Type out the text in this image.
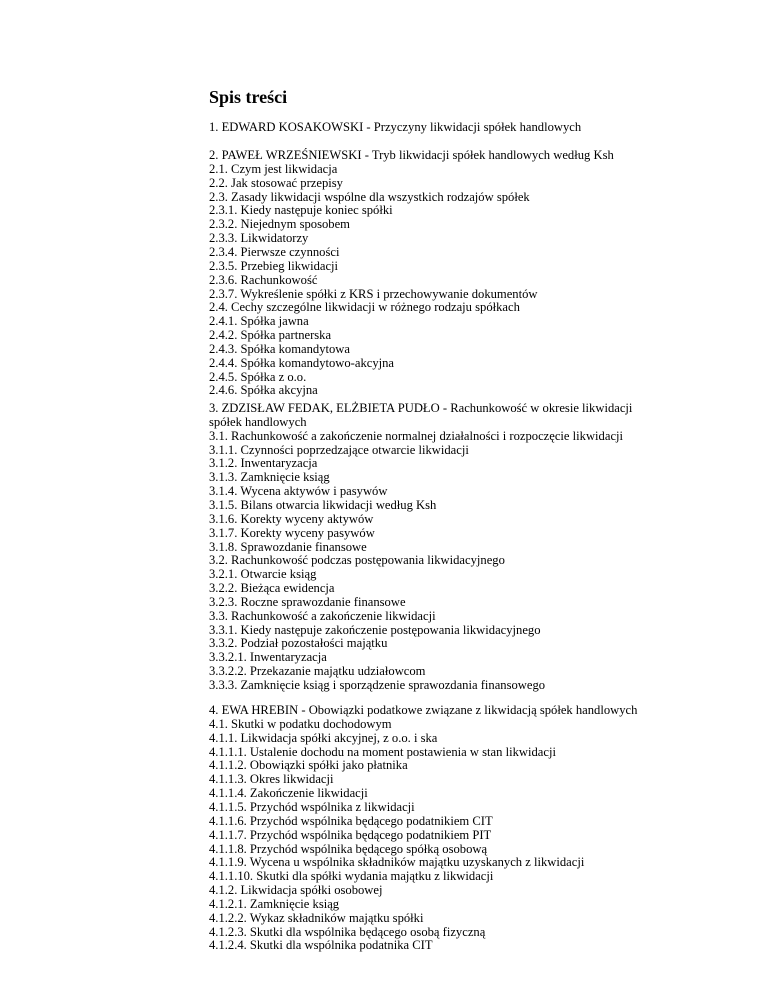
Spis treści
1. EDWARD KOSAKOWSKI - Przyczyny likwidacji spółek handlowych
2. PAWEŁ WRZEŚNIEWSKI - Tryb likwidacji spółek handlowych według Ksh
2.1. Czym jest likwidacja
2.2. Jak stosować przepisy
2.3. Zasady likwidacji wspólne dla wszystkich rodzajów spółek
2.3.1. Kiedy następuje koniec spółki
2.3.2. Niejednym sposobem
2.3.3. Likwidatorzy
2.3.4. Pierwsze czynności
2.3.5. Przebieg likwidacji
2.3.6. Rachunkowość
2.3.7. Wykreślenie spółki z KRS i przechowywanie dokumentów
2.4. Cechy szczególne likwidacji w różnego rodzaju spółkach
2.4.1. Spółka jawna
2.4.2. Spółka partnerska
2.4.3. Spółka komandytowa
2.4.4. Spółka komandytowo-akcyjna
2.4.5. Spółka z o.o.
2.4.6. Spółka akcyjna
3. ZDZISŁAW FEDAK, ELŻBIETA PUDŁO - Rachunkowość w okresie likwidacji
spółek handlowych
3.1. Rachunkowość a zakończenie normalnej działalności i rozpoczęcie likwidacji
3.1.1. Czynności poprzedzające otwarcie likwidacji
3.1.2. Inwentaryzacja
3.1.3. Zamknięcie ksiąg
3.1.4. Wycena aktywów i pasywów
3.1.5. Bilans otwarcia likwidacji według Ksh
3.1.6. Korekty wyceny aktywów
3.1.7. Korekty wyceny pasywów
3.1.8. Sprawozdanie finansowe
3.2. Rachunkowość podczas postępowania likwidacyjnego
3.2.1. Otwarcie ksiąg
3.2.2. Bieżąca ewidencja
3.2.3. Roczne sprawozdanie finansowe
3.3. Rachunkowość a zakończenie likwidacji
3.3.1. Kiedy następuje zakończenie postępowania likwidacyjnego
3.3.2. Podział pozostałości majątku
3.3.2.1. Inwentaryzacja
3.3.2.2. Przekazanie majątku udziałowcom
3.3.3. Zamknięcie ksiąg i sporządzenie sprawozdania finansowego
4. EWA HREBIN - Obowiązki podatkowe związane z likwidacją spółek handlowych
4.1. Skutki w podatku dochodowym
4.1.1. Likwidacja spółki akcyjnej, z o.o. i ska
4.1.1.1. Ustalenie dochodu na moment postawienia w stan likwidacji
4.1.1.2. Obowiązki spółki jako płatnika
4.1.1.3. Okres likwidacji
4.1.1.4. Zakończenie likwidacji
4.1.1.5. Przychód wspólnika z likwidacji
4.1.1.6. Przychód wspólnika będącego podatnikiem CIT
4.1.1.7. Przychód wspólnika będącego podatnikiem PIT
4.1.1.8. Przychód wspólnika będącego spółką osobową
4.1.1.9. Wycena u wspólnika składników majątku uzyskanych z likwidacji
4.1.1.10. Skutki dla spółki wydania majątku z likwidacji
4.1.2. Likwidacja spółki osobowej
4.1.2.1. Zamknięcie ksiąg
4.1.2.2. Wykaz składników majątku spółki
4.1.2.3. Skutki dla wspólnika będącego osobą fizyczną
4.1.2.4. Skutki dla wspólnika podatnika CIT
